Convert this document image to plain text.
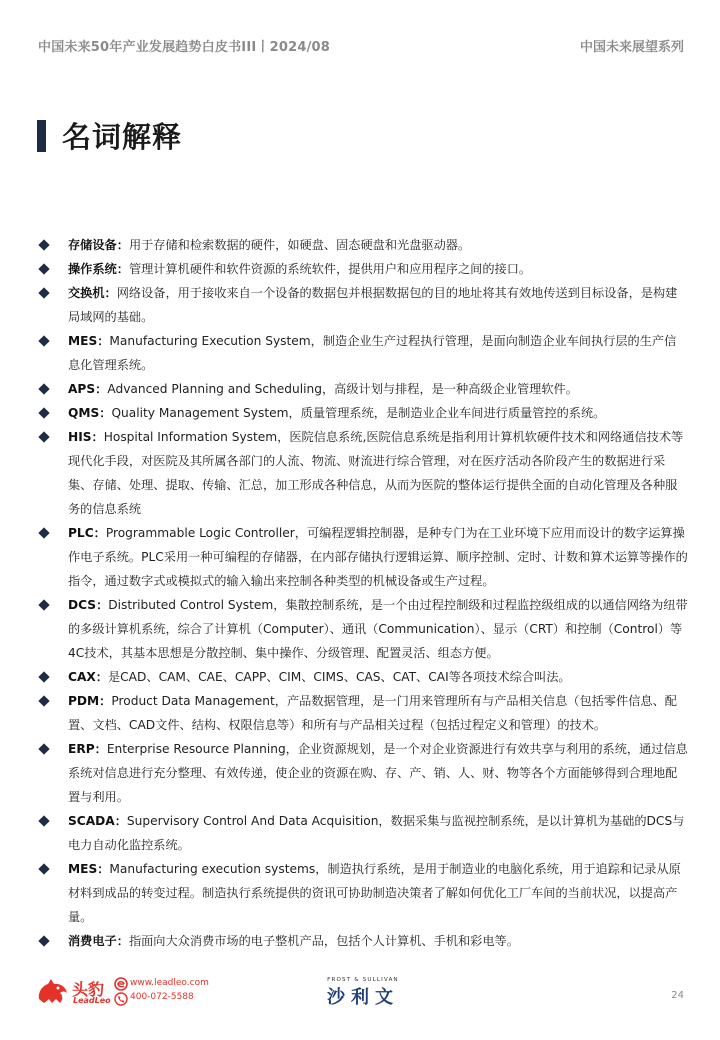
中国未来50年产业发展趋势白皮书III丨2024/08	中国未来展望系列
名词解释
存储设备：用于存储和检索数据的硬件，如硬盘、固态硬盘和光盘驱动器。
操作系统：管理计算机硬件和软件资源的系统软件，提供用户和应用程序之间的接口。
交换机：网络设备，用于接收来自一个设备的数据包并根据数据包的目的地址将其有效地传送到目标设备，是构建局域网的基础。
MES：Manufacturing Execution System，制造企业生产过程执行管理，是面向制造企业车间执行层的生产信息化管理系统。
APS：Advanced Planning and Scheduling，高级计划与排程，是一种高级企业管理软件。
QMS：Quality Management System，质量管理系统，是制造业企业车间进行质量管控的系统。
HIS：Hospital Information System，医院信息系统,医院信息系统是指利用计算机软硬件技术和网络通信技术等现代化手段，对医院及其所属各部门的人流、物流、财流进行综合管理，对在医疗活动各阶段产生的数据进行采集、存储、处理、提取、传输、汇总，加工形成各种信息，从而为医院的整体运行提供全面的自动化管理及各种服务的信息系统
PLC：Programmable Logic Controller，可编程逻辑控制器，是种专门为在工业环境下应用而设计的数字运算操作电子系统。PLC采用一种可编程的存储器，在内部存储执行逻辑运算、顺序控制、定时、计数和算术运算等操作的指令，通过数字式或模拟式的输入输出来控制各种类型的机械设备或生产过程。
DCS：Distributed Control System，集散控制系统，是一个由过程控制级和过程监控级组成的以通信网络为纽带的多级计算机系统，综合了计算机（Computer）、通讯（Communication）、显示（CRT）和控制（Control）等4C技术，其基本思想是分散控制、集中操作、分级管理、配置灵活、组态方便。
CAX：是CAD、CAM、CAE、CAPP、CIM、CIMS、CAS、CAT、CAI等各项技术综合叫法。
PDM：Product Data Management，产品数据管理，是一门用来管理所有与产品相关信息（包括零件信息、配置、文档、CAD文件、结构、权限信息等）和所有与产品相关过程（包括过程定义和管理）的技术。
ERP：Enterprise Resource Planning，企业资源规划，是一个对企业资源进行有效共享与利用的系统，通过信息系统对信息进行充分整理、有效传递，使企业的资源在购、存、产、销、人、财、物等各个方面能够得到合理地配置与利用。
SCADA：Supervisory Control And Data Acquisition，数据采集与监视控制系统，是以计算机为基础的DCS与电力自动化监控系统。
MES：Manufacturing execution systems，制造执行系统，是用于制造业的电脑化系统，用于追踪和记录从原材料到成品的转变过程。制造执行系统提供的资讯可协助制造决策者了解如何优化工厂车间的当前状况，以提高产量。
消费电子：指面向大众消费市场的电子整机产品，包括个人计算机、手机和彩电等。
头豹
LeadLeo
www.leadleo.com
400-072-5588
FROST & SULLIVAN
沙利文	24
